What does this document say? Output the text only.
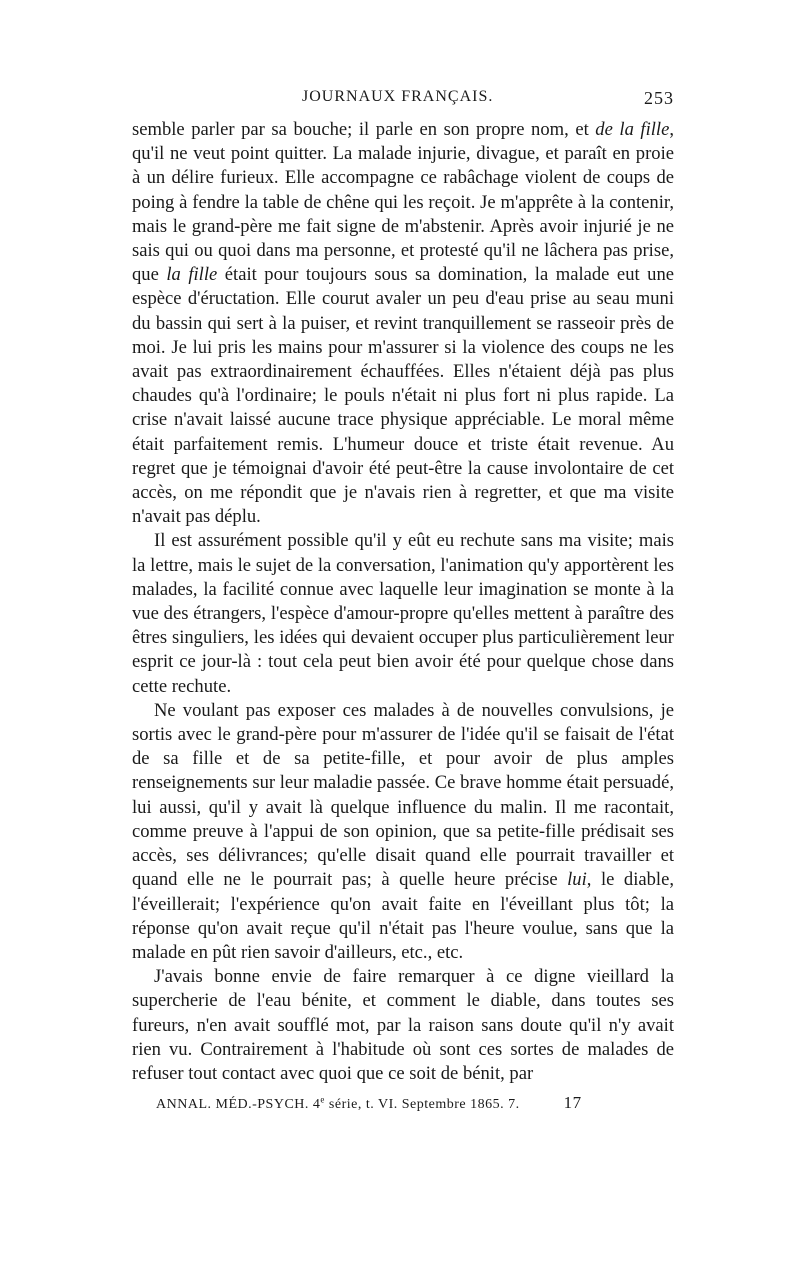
JOURNAUX FRANÇAIS.	253

semble parler par sa bouche; il parle en son propre nom, et de la fille, qu'il ne veut point quitter. La malade injurie, divague, et paraît en proie à un délire furieux. Elle accompagne ce rabâchage violent de coups de poing à fendre la table de chêne qui les reçoit. Je m'apprête à la contenir, mais le grand-père me fait signe de m'abstenir. Après avoir injurié je ne sais qui ou quoi dans ma personne, et protesté qu'il ne lâchera pas prise, que la fille était pour toujours sous sa domination, la malade eut une espèce d'éructation. Elle courut avaler un peu d'eau prise au seau muni du bassin qui sert à la puiser, et revint tranquillement se rasseoir près de moi. Je lui pris les mains pour m'assurer si la violence des coups ne les avait pas extraordinairement échauffées. Elles n'étaient déjà pas plus chaudes qu'à l'ordinaire; le pouls n'était ni plus fort ni plus rapide. La crise n'avait laissé aucune trace physique appréciable. Le moral même était parfaitement remis. L'humeur douce et triste était revenue. Au regret que je témoignai d'avoir été peut-être la cause involontaire de cet accès, on me répondit que je n'avais rien à regretter, et que ma visite n'avait pas déplu.

Il est assurément possible qu'il y eût eu rechute sans ma visite; mais la lettre, mais le sujet de la conversation, l'animation qu'y apportèrent les malades, la facilité connue avec laquelle leur imagination se monte à la vue des étrangers, l'espèce d'amour-propre qu'elles mettent à paraître des êtres singuliers, les idées qui devaient occuper plus particulièrement leur esprit ce jour-là : tout cela peut bien avoir été pour quelque chose dans cette rechute.

Ne voulant pas exposer ces malades à de nouvelles convulsions, je sortis avec le grand-père pour m'assurer de l'idée qu'il se faisait de l'état de sa fille et de sa petite-fille, et pour avoir de plus amples renseignements sur leur maladie passée. Ce brave homme était persuadé, lui aussi, qu'il y avait là quelque influence du malin. Il me racontait, comme preuve à l'appui de son opinion, que sa petite-fille prédisait ses accès, ses délivrances; qu'elle disait quand elle pourrait travailler et quand elle ne le pourrait pas; à quelle heure précise lui, le diable, l'éveillerait; l'expérience qu'on avait faite en l'éveillant plus tôt; la réponse qu'on avait reçue qu'il n'était pas l'heure voulue, sans que la malade en pût rien savoir d'ailleurs, etc., etc.

J'avais bonne envie de faire remarquer à ce digne vieillard la supercherie de l'eau bénite, et comment le diable, dans toutes ses fureurs, n'en avait soufflé mot, par la raison sans doute qu'il n'y avait rien vu. Contrairement à l'habitude où sont ces sortes de malades de refuser tout contact avec quoi que ce soit de bénit, par

ANNAL. MÉD.-PSYCH. 4e série, t. VI. Septembre 1865. 7.	17
